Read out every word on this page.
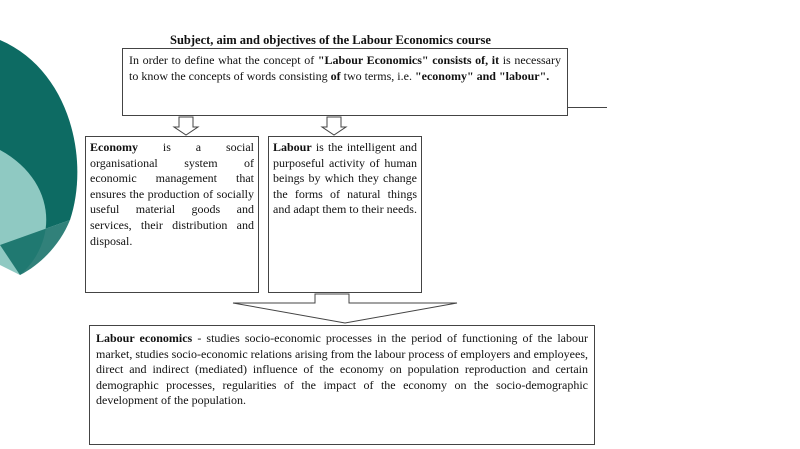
Subject, aim and objectives of the Labour Economics course
In order to define what the concept of "Labour Economics" consists of, it is necessary to know the concepts of words consisting of two terms, i.e. "economy" and "labour".
Economy is a social organisational system of economic management that ensures the production of socially useful material goods and services, their distribution and disposal.
Labour is the intelligent and purposeful activity of human beings by which they change the forms of natural things and adapt them to their needs.
Labour economics - studies socio-economic processes in the period of functioning of the labour market, studies socio-economic relations arising from the labour process of employers and employees, direct and indirect (mediated) influence of the economy on population reproduction and certain demographic processes, regularities of the impact of the economy on the socio-demographic development of the population.
